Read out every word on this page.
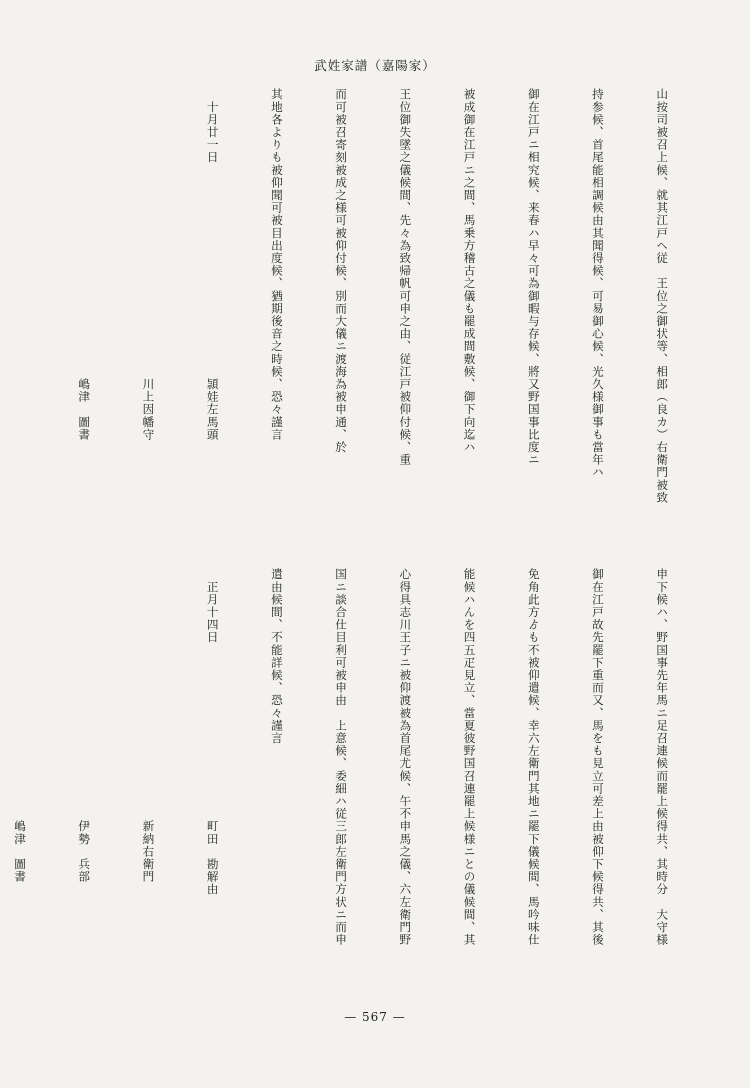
武姓家譜（嘉陽家）

山按司被召上候、就其江戸ヘ従　王位之御状等、相郎（良カ）右衛門被致

持参候、首尾能相調候由其聞得候、可易御心候、光久様御事も當年ハ

御在江戸ニ相究候、来春ハ早々可為御暇与存候、將又野国事比度ニ

被成御在江戸ニ之間、馬乗方稽古之儀も罷成間敷候、御下向迄ハ

王位御失墜之儀候間、先々為致帰帆可申之由、従江戸被仰付候、重

而可被召寄刻被成之様可被仰付候、別而大儀ニ渡海為被申通、於

其地各よりも被仰聞可被目出度候、猶期後音之時候、恐々謹言

　十月廿一日　　　　　　　　　　　　　　　　　頴娃左馬頭

　　　　　　　　　　　　　　　　　　　　　　　川上因幡守

　　　　　　　　　　　　　　　　　　　　　　　嶋津　圖書

申下候ハ、野国事先年馬ニ足召連候而罷上候得共、其時分　大守様

御在江戸故先罷下重而又、馬をも見立可差上由被仰下候得共、其後

免角此方ゟも不被仰遣候、幸六左衛門其地ニ罷下儀候間、馬吟味仕

能候ハんを四五疋見立、當夏彼野国召連罷上候様ニとの儀候間、其

心得具志川王子ニ被仰渡被為首尾尤候、午不申馬之儀、六左衛門野

国ニ談合仕目利可被申由　上意候、委細ハ従三郎左衛門方状ニ而申

遣由候間、不能詳候、恐々謹言

　正月十四日　　　　　　　　　　　　　　町田　勘解由

　　　　　　　　　　　　　　　　　　　　新納右衛門

　　　　　　　　　　　　　　　　　　　　伊勢　兵部

　　　　　　　　　　　　　　　　　　　　嶋津　圖書

— 567 —
